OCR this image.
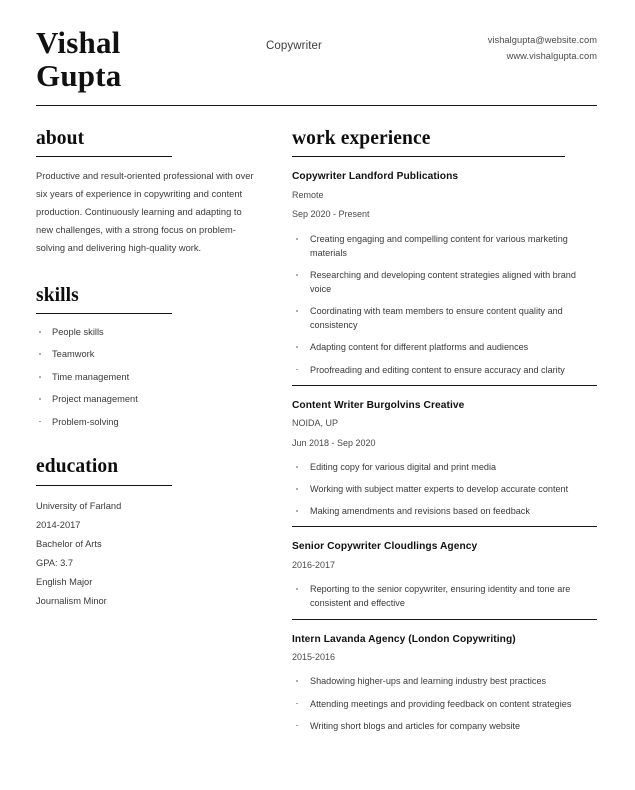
Vishal
Gupta
Copywriter	vishalgupta@website.com
www.vishalgupta.com
about
Productive and result-oriented professional with over six years of experience in copywriting and content production. Continuously learning and adapting to new challenges, with a strong focus on problem-solving and delivering high-quality work.
skills
People skills
Teamwork
Time management
Project management
Problem-solving
education
University of Farland
2014-2017
Bachelor of Arts
GPA: 3.7
English Major
Journalism Minor
work experience
Copywriter Landford Publications
Remote
Sep 2020 - Present
Creating engaging and compelling content for various marketing materials
Researching and developing content strategies aligned with brand voice
Coordinating with team members to ensure content quality and consistency
Adapting content for different platforms and audiences
Proofreading and editing content to ensure accuracy and clarity
Content Writer Burgolvins Creative
NOIDA, UP
Jun 2018 - Sep 2020
Editing copy for various digital and print media
Working with subject matter experts to develop accurate content
Making amendments and revisions based on feedback
Senior Copywriter Cloudlings Agency
2016-2017
Reporting to the senior copywriter, ensuring identity and tone are consistent and effective
Intern Lavanda Agency (London Copywriting)
2015-2016
Shadowing higher-ups and learning industry best practices
Attending meetings and providing feedback on content strategies
Writing short blogs and articles for company website
